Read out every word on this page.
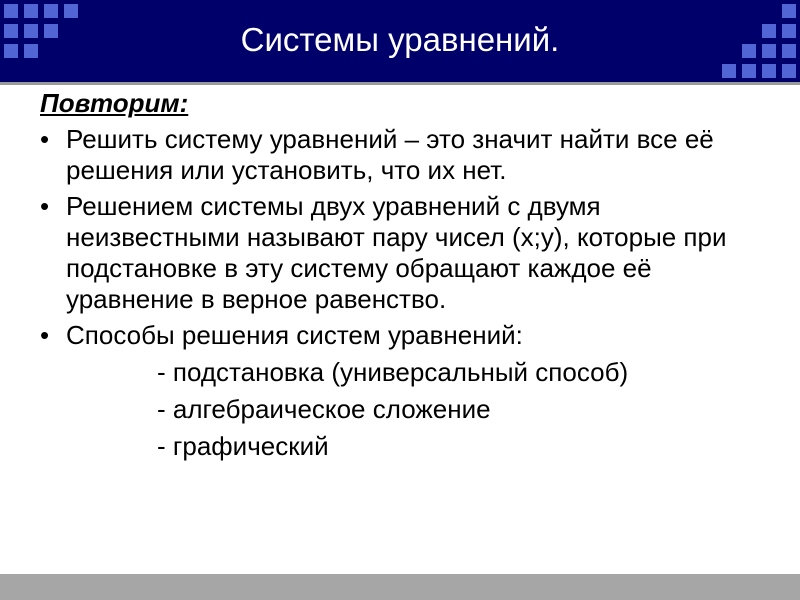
Системы уравнений.
Повторим:
• Решить систему уравнений – это значит найти все её решения или установить, что их нет.
• Решением системы двух уравнений с двумя неизвестными называют пару чисел (х;у), которые при подстановке в эту систему обращают каждое её уравнение в верное равенство.
• Способы решения систем уравнений:
- подстановка (универсальный способ)
- алгебраическое сложение
- графический
